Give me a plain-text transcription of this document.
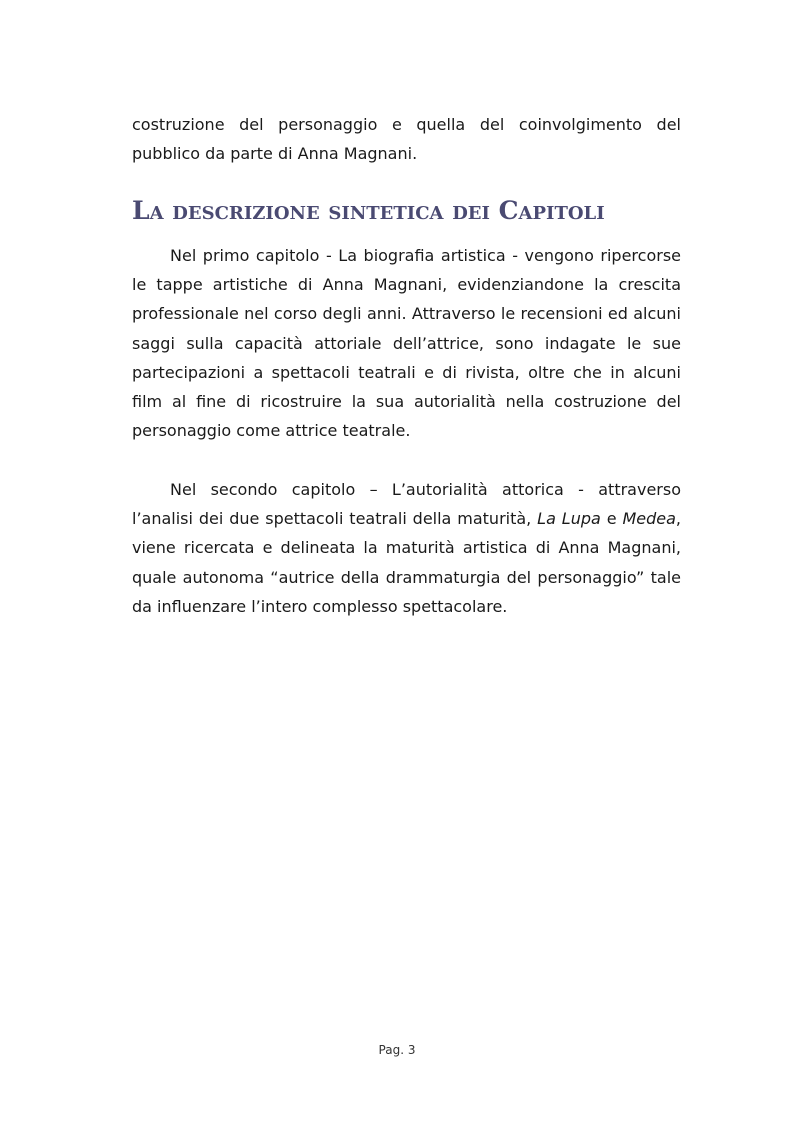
costruzione del personaggio e quella del coinvolgimento del pubblico da parte di Anna Magnani.

La descrizione sintetica dei Capitoli

Nel primo capitolo - La biografia artistica - vengono ripercorse le tappe artistiche di Anna Magnani, evidenziandone la crescita professionale nel corso degli anni. Attraverso le recensioni ed alcuni saggi sulla capacità attoriale dell’attrice, sono indagate le sue partecipazioni a spettacoli teatrali e di rivista, oltre che in alcuni film al fine di ricostruire la sua autorialità nella costruzione del personaggio come attrice teatrale.

Nel secondo capitolo – L’autorialità attorica - attraverso l’analisi dei due spettacoli teatrali della maturità, La Lupa e Medea, viene ricercata e delineata la maturità artistica di Anna Magnani, quale autonoma “autrice della drammaturgia del personaggio” tale da influenzare l’intero complesso spettacolare.

Pag. 3
